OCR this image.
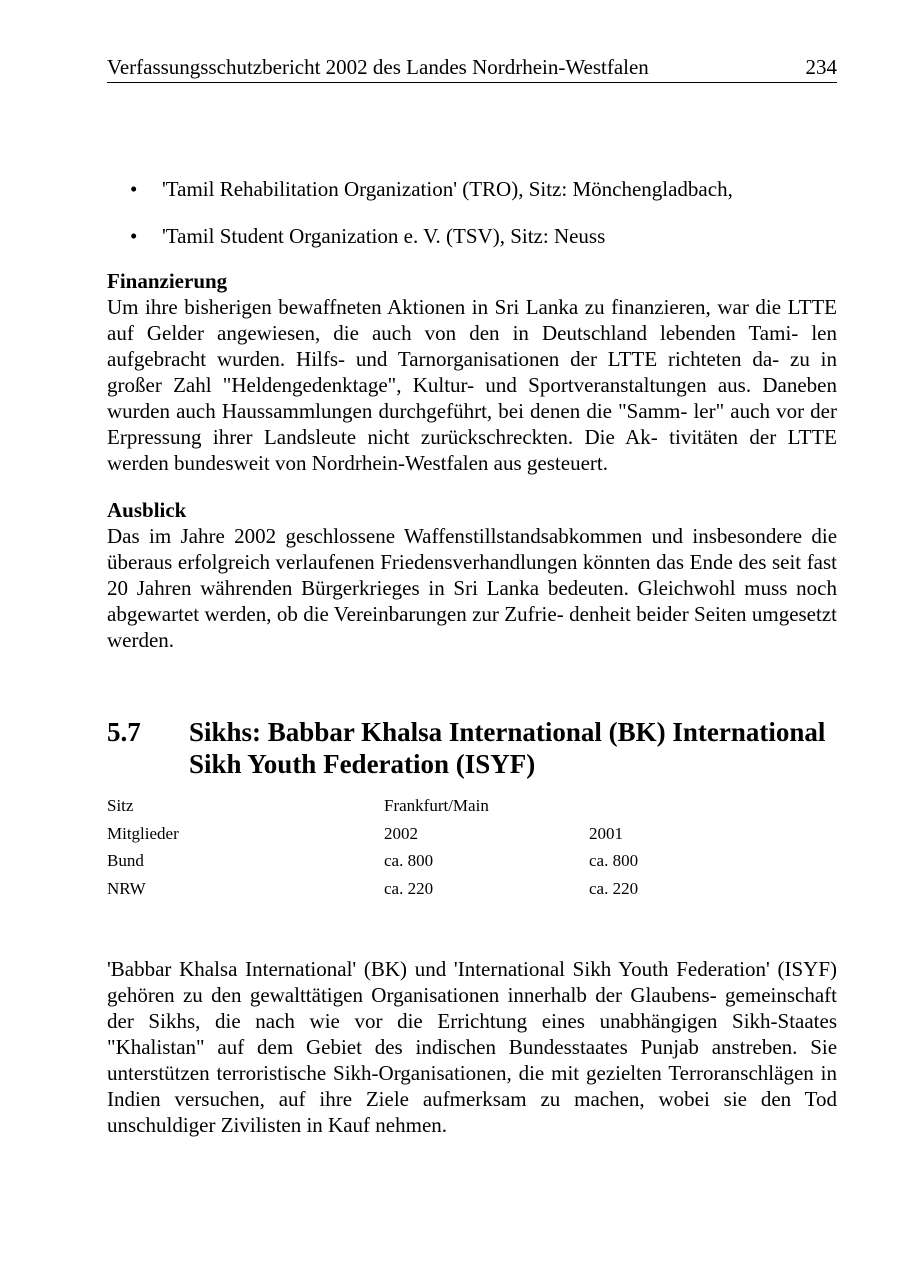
Verfassungsschutzbericht 2002 des Landes Nordrhein-Westfalen	234
• 'Tamil Rehabilitation Organization' (TRO), Sitz: Mönchengladbach,
• 'Tamil Student Organization e. V. (TSV), Sitz: Neuss

Finanzierung

Um ihre bisherigen bewaffneten Aktionen in Sri Lanka zu finanzieren, war die LTTE auf Gelder angewiesen, die auch von den in Deutschland lebenden Tami- len aufgebracht wurden. Hilfs- und Tarnorganisationen der LTTE richteten da- zu in großer Zahl "Heldengedenktage", Kultur- und Sportveranstaltungen aus. Daneben wurden auch Haussammlungen durchgeführt, bei denen die "Samm- ler" auch vor der Erpressung ihrer Landsleute nicht zurückschreckten. Die Ak- tivitäten der LTTE werden bundesweit von Nordrhein-Westfalen aus gesteuert.

Ausblick

Das im Jahre 2002 geschlossene Waffenstillstandsabkommen und insbesondere die überaus erfolgreich verlaufenen Friedensverhandlungen könnten das Ende des seit fast 20 Jahren währenden Bürgerkrieges in Sri Lanka bedeuten. Gleichwohl muss noch abgewartet werden, ob die Vereinbarungen zur Zufrie- denheit beider Seiten umgesetzt werden.

5.7 Sikhs: Babbar Khalsa International (BK) International Sikh Youth Federation (ISYF)
Sitz	Frankfurt/Main	
Mitglieder	2002	2001
Bund	ca. 800	ca. 800
NRW	ca. 220	ca. 220

'Babbar Khalsa International' (BK) und 'International Sikh Youth Federation' (ISYF) gehören zu den gewalttätigen Organisationen innerhalb der Glaubens- gemeinschaft der Sikhs, die nach wie vor die Errichtung eines unabhängigen Sikh-Staates "Khalistan" auf dem Gebiet des indischen Bundesstaates Punjab anstreben. Sie unterstützen terroristische Sikh-Organisationen, die mit gezielten Terroranschlägen in Indien versuchen, auf ihre Ziele aufmerksam zu machen, wobei sie den Tod unschuldiger Zivilisten in Kauf nehmen.
